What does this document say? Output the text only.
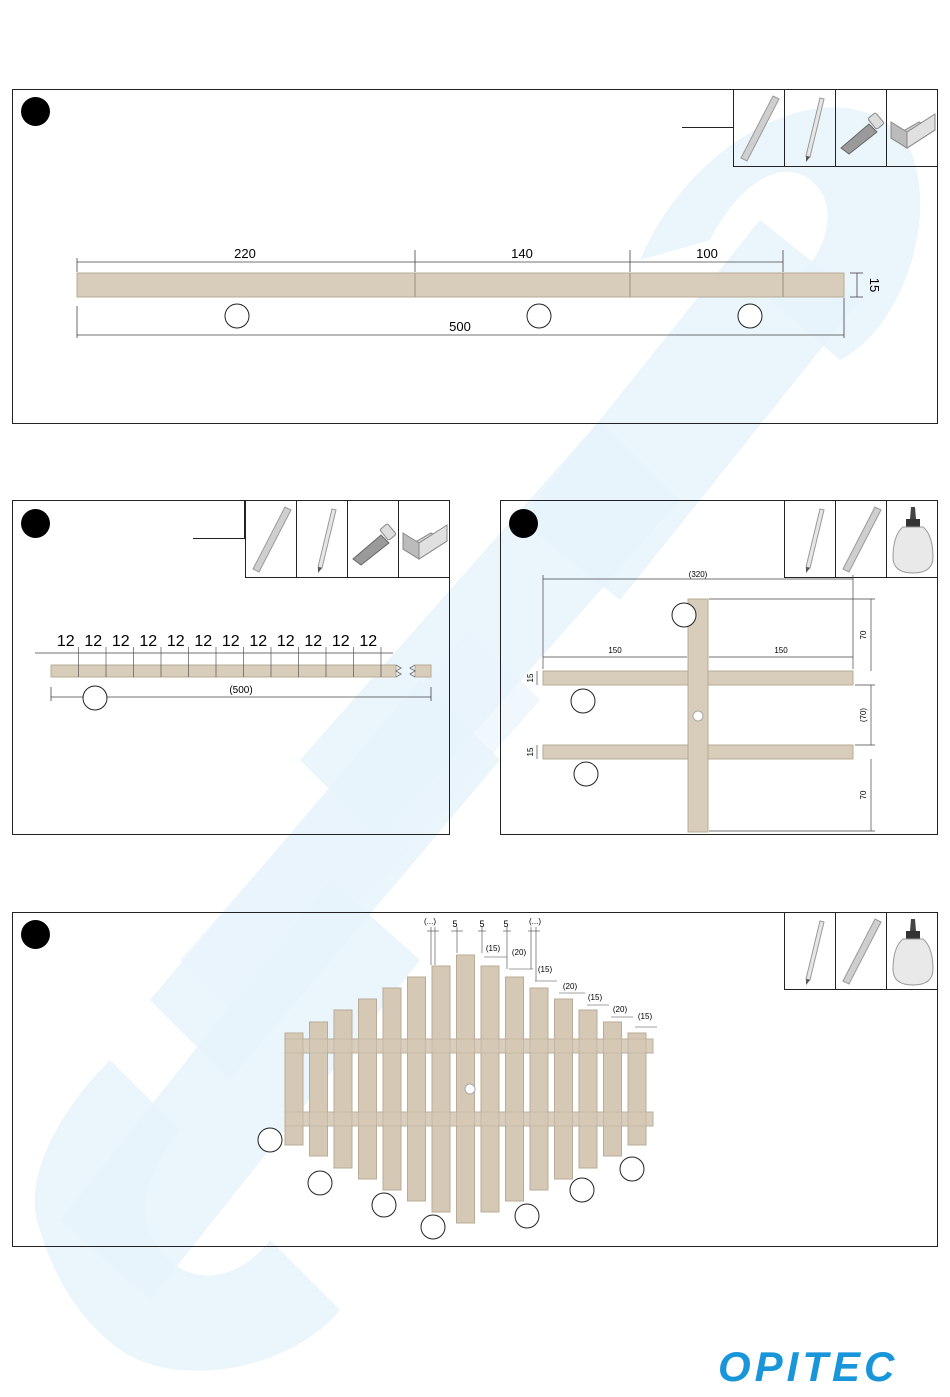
220	140	100
500
15
12 12 12 12 12 12 12 12 12 12 12 12
(500)
(320)
150	150
70
(70)
70
15
15
(...) 5 5 5	(...)
(15) (20)
(15)
(20)
(15)
(20)
(15)
OPITEC
